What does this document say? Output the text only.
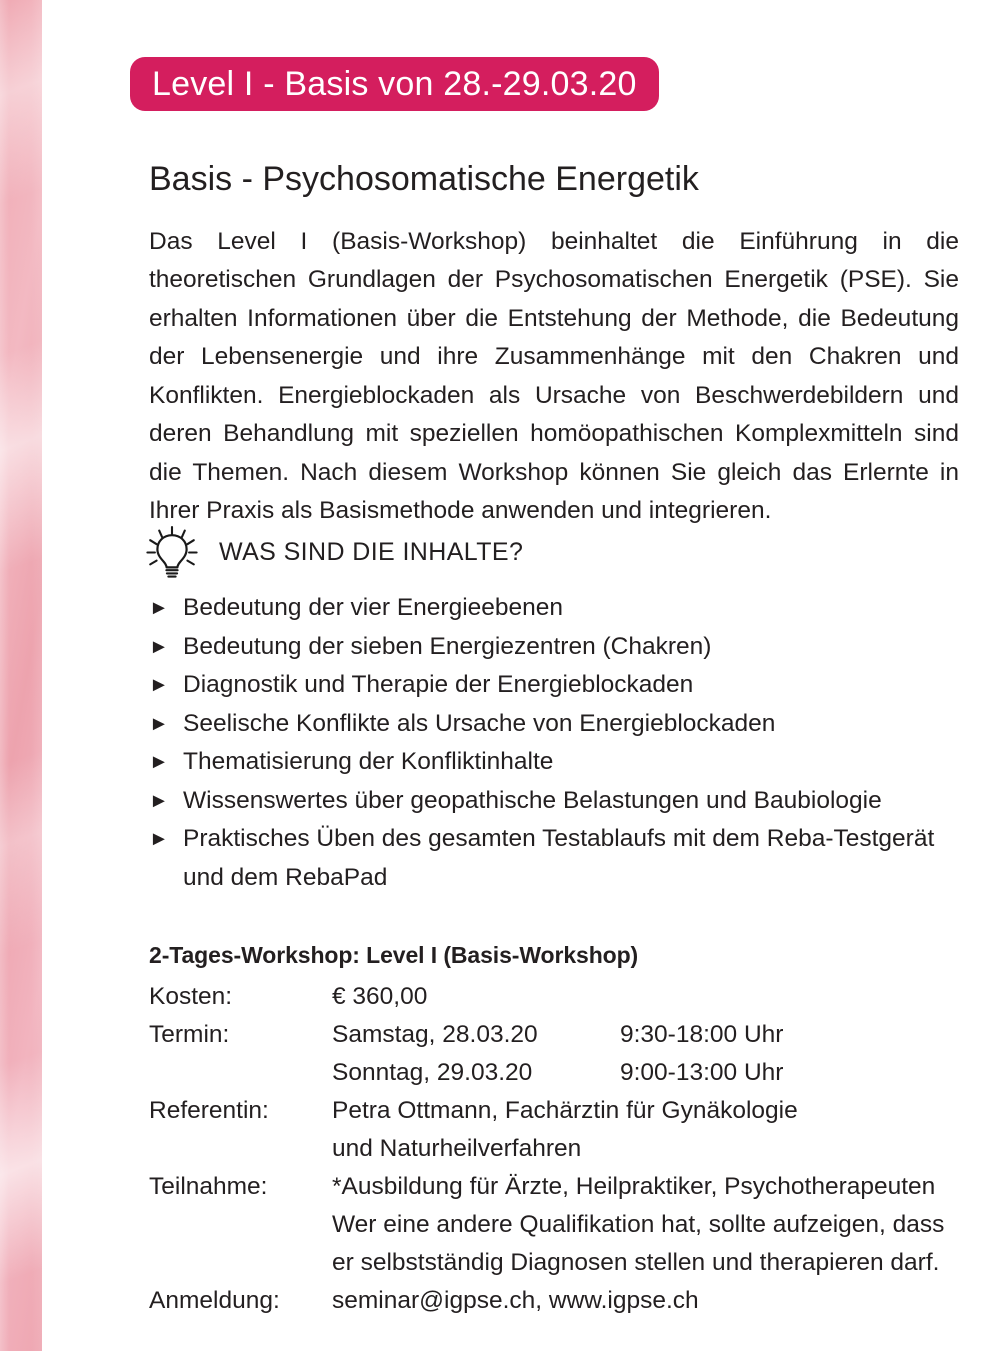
Level I - Basis von 28.-29.03.20
Basis - Psychosomatische Energetik

Das Level I (Basis-Workshop) beinhaltet die Einführung in die theoretischen Grundlagen der Psychosomatischen Energetik (PSE). Sie erhalten Informationen über die Entstehung der Methode, die Bedeutung der Lebensenergie und ihre Zusammenhänge mit den Chakren und Konflikten. Energieblockaden als Ursache von Beschwerdebildern und deren Behandlung mit speziellen homöopathischen Komplexmitteln sind die Themen. Nach diesem Workshop können Sie gleich das Erlernte in Ihrer Praxis als Basismethode anwenden und integrieren.

WAS SIND DIE INHALTE?
► Bedeutung der vier Energieebenen
► Bedeutung der sieben Energiezentren (Chakren)
► Diagnostik und Therapie der Energieblockaden
► Seelische Konflikte als Ursache von Energieblockaden
► Thematisierung der Konfliktinhalte
► Wissenswertes über geopathische Belastungen und Baubiologie
► Praktisches Üben des gesamten Testablaufs mit dem Reba-Testgerät und dem RebaPad
2-Tages-Workshop: Level I (Basis-Workshop)
Kosten:	€ 360,00
Termin:	Samstag, 28.03.20	9:30-18:00 Uhr
Sonntag, 29.03.20	9:00-13:00 Uhr
Referentin:	Petra Ottmann, Fachärztin für Gynäkologie
und Naturheilverfahren
Teilnahme:	*Ausbildung für Ärzte, Heilpraktiker, Psychotherapeuten
Wer eine andere Qualifikation hat, sollte aufzeigen, dass
er selbstständig Diagnosen stellen und therapieren darf.
Anmeldung:	seminar@igpse.ch, www.igpse.ch
